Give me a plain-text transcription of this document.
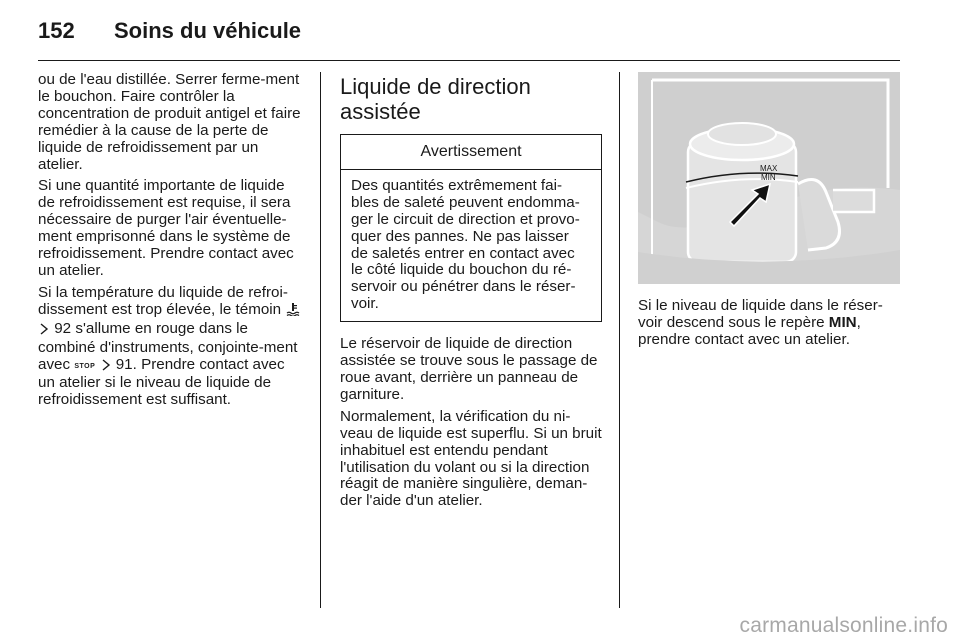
152	Soins du véhicule

ou de l'eau distillée. Serrer ferme-ment le bouchon. Faire contrôler la concentration de produit antigel et faire remédier à la cause de la perte de liquide de refroidissement par un atelier.

Si une quantité importante de liquide de refroidissement est requise, il sera nécessaire de purger l'air éventuelle-ment emprisonné dans le système de refroidissement. Prendre contact avec un atelier.

Si la température du liquide de refroi-dissement est trop élevée, le témoin   92 s'allume en rouge dans le combiné d'instruments, conjointe-ment avec STOP 91. Prendre contact avec un atelier si le niveau de liquide de refroidissement est suffisant.

Liquide de direction assistée
Avertissement
Des quantités extrêmement fai-bles de saleté peuvent endomma-ger le circuit de direction et provo-quer des pannes. Ne pas laisser de saletés entrer en contact avec le côté liquide du bouchon du ré-servoir ou pénétrer dans le réser-voir.

Le réservoir de liquide de direction assistée se trouve sous le passage de roue avant, derrière un panneau de garniture.

Normalement, la vérification du ni-veau de liquide est superflu. Si un bruit inhabituel est entendu pendant l'utilisation du volant ou si la direction réagit de manière singulière, deman-der l'aide d'un atelier.

MAX
MIN

Si le niveau de liquide dans le réser-voir descend sous le repère MIN,
prendre contact avec un atelier.

carmanualsonline.info
